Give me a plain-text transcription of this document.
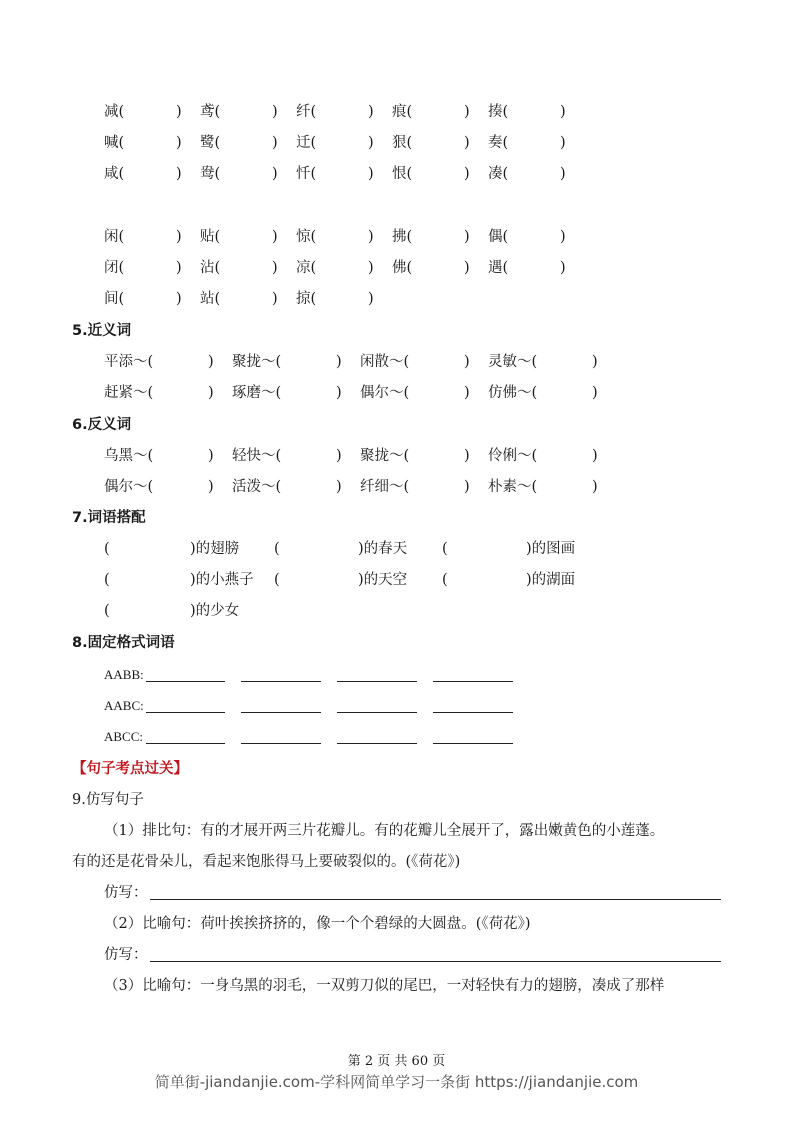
减(	) 鸢(	) 纤(	) 痕(	) 揍(	)
喊(	) 鹭(	) 迁(	) 狠(	) 奏(	)
咸(	) 鸯(	) 忏(	) 恨(	) 凑(	)
闲(	) 贴(	) 惊(	) 拂(	) 偶(	)
闭(	) 沾(	) 凉(	) 佛(	) 遇(	)
间(	) 站(	) 掠(	)
5.近义词
平添～(	) 聚拢～(	) 闲散～(	) 灵敏～(	)
赶紧～(	) 琢磨～(	) 偶尔～(	) 仿佛～(	)
6.反义词
乌黑～(	) 轻快～(	) 聚拢～(	) 伶俐～(	)
偶尔～(	) 活泼～(	) 纤细～(	) 朴素～(	)
7.词语搭配
(	)的翅膀 (	)的春天 (	)的图画
(	)的小燕子 (	)的天空 (	)的湖面
(	)的少女
8.固定格式词语
AABB:
AABC:
ABCC:
【句子考点过关】
9.仿写句子
（1）排比句：有的才展开两三片花瓣儿。有的花瓣儿全展开了，露出嫩黄色的小莲蓬。
有的还是花骨朵儿，看起来饱胀得马上要破裂似的。(《荷花》)
仿写：
（2）比喻句：荷叶挨挨挤挤的，像一个个碧绿的大圆盘。(《荷花》)
仿写：
（3）比喻句：一身乌黑的羽毛，一双剪刀似的尾巴，一对轻快有力的翅膀，凑成了那样
第 2 页 共 60 页
简单街-jiandanjie.com-学科网简单学习一条街 https://jiandanjie.com
